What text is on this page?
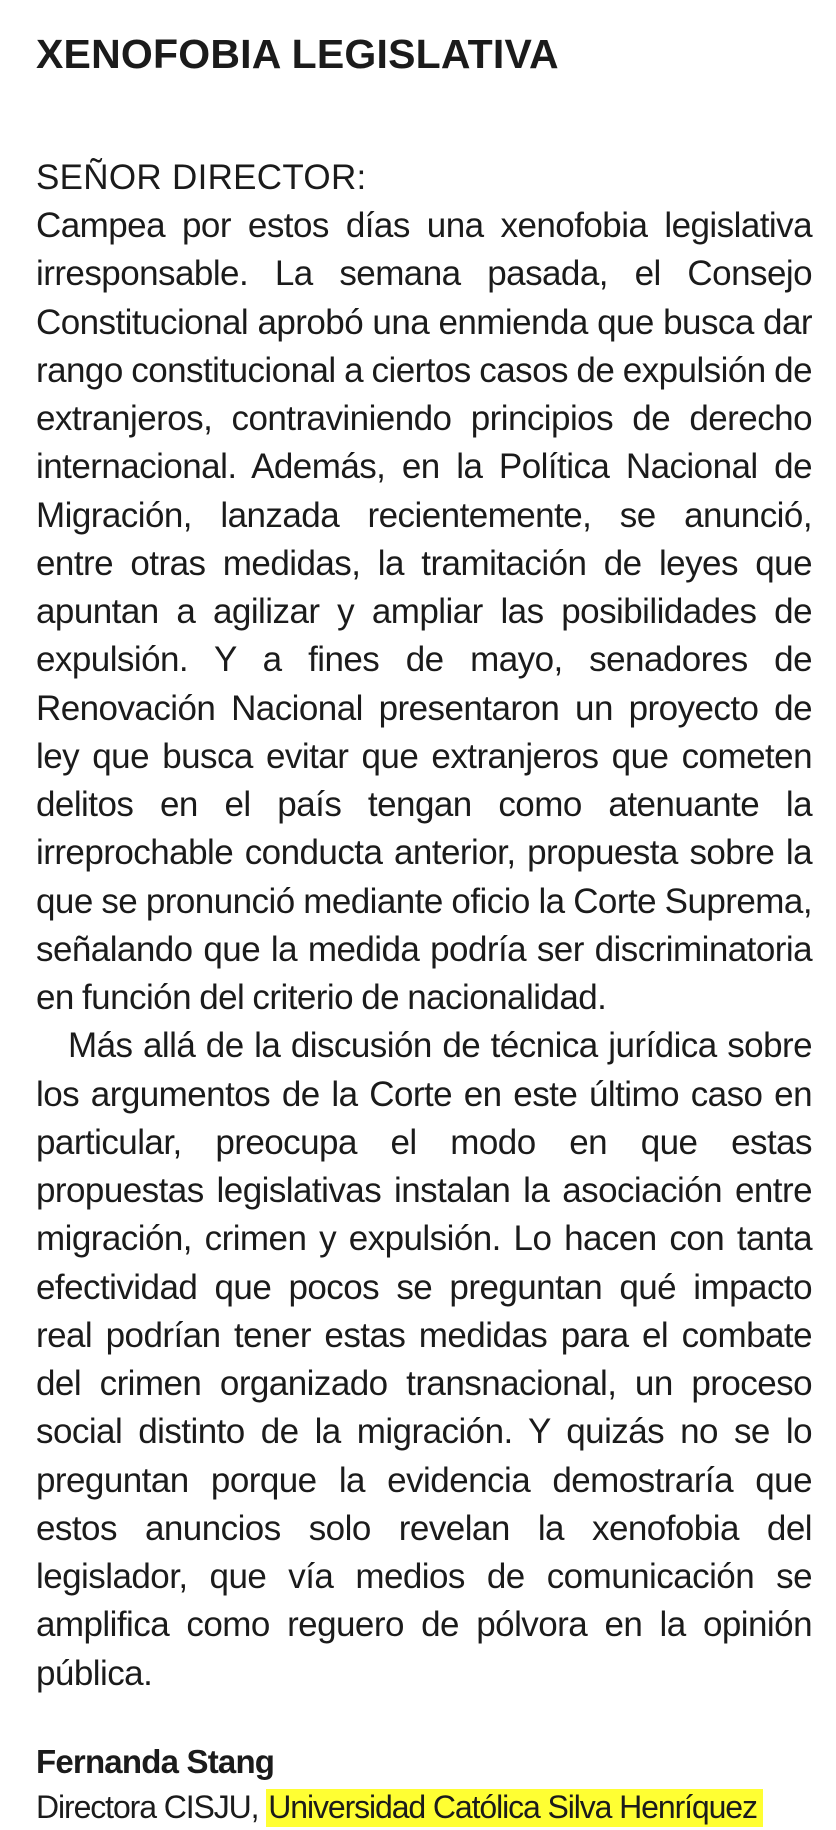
XENOFOBIA LEGISLATIVA
SEÑOR DIRECTOR:

Campea por estos días una xenofobia legislativa irresponsable. La semana pasada, el Consejo Constitucional aprobó una enmienda que busca dar rango constitucional a ciertos casos de expulsión de extranjeros, contraviniendo principios de derecho internacional. Además, en la Política Nacional de Migración, lanzada recientemente, se anunció, entre otras medidas, la tramitación de leyes que apuntan a agilizar y ampliar las posibilidades de expulsión. Y a fines de mayo, senadores de Renovación Nacional presentaron un proyecto de ley que busca evitar que extranjeros que cometen delitos en el país tengan como atenuante la irreprochable conducta anterior, propuesta sobre la que se pronunció mediante oficio la Corte Suprema, señalando que la medida podría ser discriminatoria en función del criterio de nacionalidad.

Más allá de la discusión de técnica jurídica sobre los argumentos de la Corte en este último caso en particular, preocupa el modo en que estas propuestas legislativas instalan la asociación entre migración, crimen y expulsión. Lo hacen con tanta efectividad que pocos se preguntan qué impacto real podrían tener estas medidas para el combate del crimen organizado transnacional, un proceso social distinto de la migración. Y quizás no se lo preguntan porque la evidencia demostraría que estos anuncios solo revelan la xenofobia del legislador, que vía medios de comunicación se amplifica como reguero de pólvora en la opinión pública.

Fernanda Stang
Directora CISJU, Universidad Católica Silva Henríquez
